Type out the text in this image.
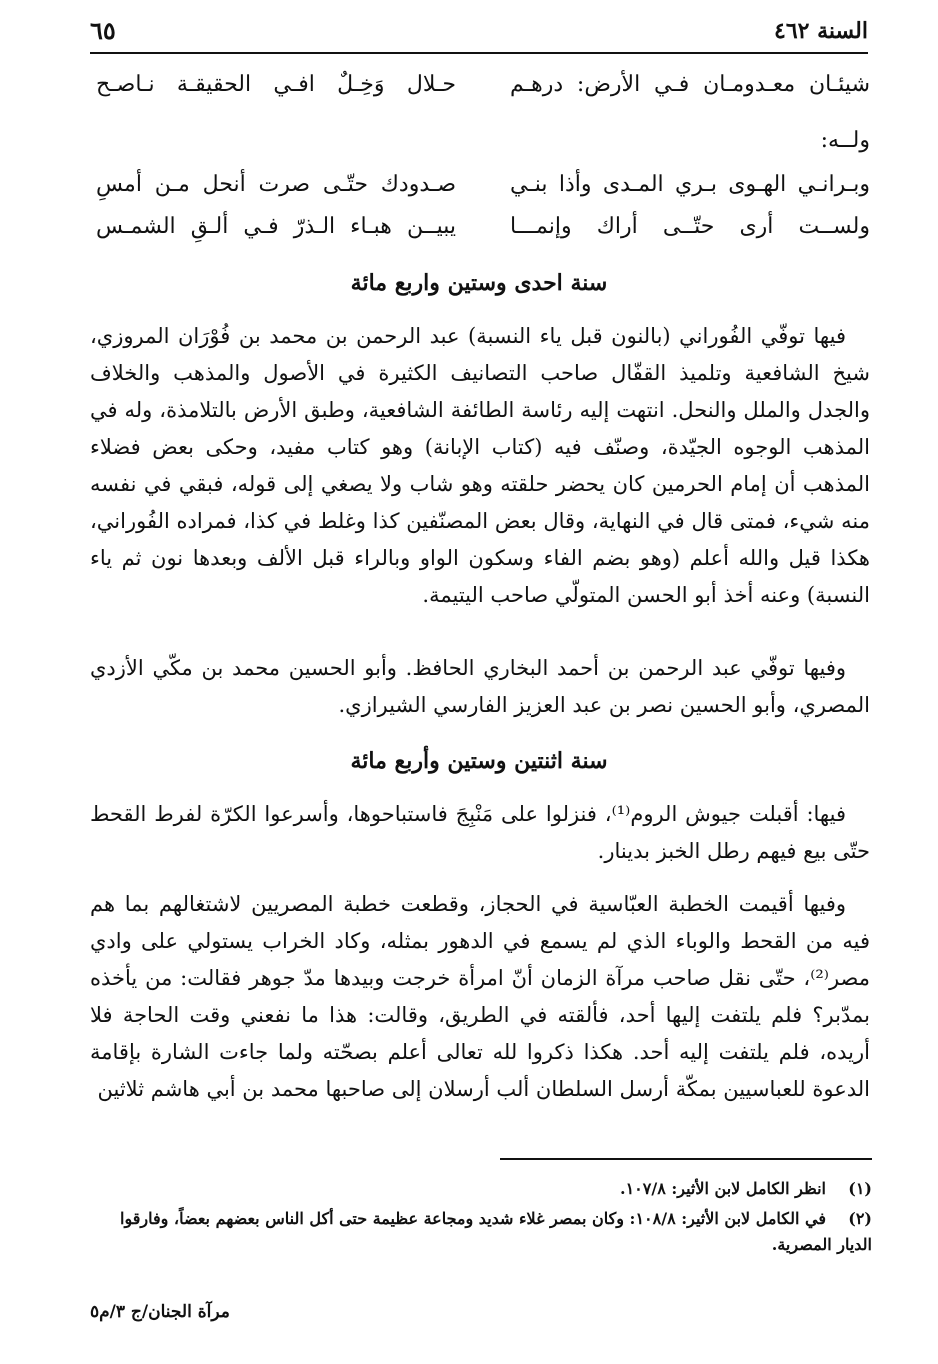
السنة ٤٦٢
٦٥
شيئـان معـدومـان فـي الأرض: درهـم
حـلال وَخِـلٌ افـي الحقيقـة نـاصـح
ولــه:
وبـرانـي الهـوى بـري المـدى وأذا بنـي
صـدودك حتّـى صرت أنحل مـن أمسِ
ولســت أرى حتّــى أراك وإنمـــا
يبيــن هبـاء الـذرّ فـي ألـقِ الشمـس
سنة احدى وستين واربع مائة
فيها توفّي الفُوراني (بالنون قبل ياء النسبة) عبد الرحمن بن محمد بن فُوْرَان المروزي، شيخ الشافعية وتلميذ القفّال صاحب التصانيف الكثيرة في الأصول والمذهب والخلاف والجدل والملل والنحل. انتهت إليه رئاسة الطائفة الشافعية، وطبق الأرض بالتلامذة، وله في المذهب الوجوه الجيّدة، وصنّف فيه (كتاب الإبانة) وهو كتاب مفيد، وحكى بعض فضلاء المذهب أن إمام الحرمين كان يحضر حلقته وهو شاب ولا يصغي إلى قوله، فبقي في نفسه منه شيء، فمتى قال في النهاية، وقال بعض المصنّفين كذا وغلط في كذا، فمراده الفُوراني، هكذا قيل والله أعلم (وهو بضم الفاء وسكون الواو وبالراء قبل الألف وبعدها نون ثم ياء النسبة) وعنه أخذ أبو الحسن المتولّي صاحب اليتيمة.
وفيها توفّي عبد الرحمن بن أحمد البخاري الحافظ. وأبو الحسين محمد بن مكّي الأزدي المصري، وأبو الحسين نصر بن عبد العزيز الفارسي الشيرازي.
سنة اثنتين وستين وأربع مائة
فيها: أقبلت جيوش الروم⁽¹⁾، فنزلوا على مَنْبِجَ فاستباحوها، وأسرعوا الكرّة لفرط القحط حتّى بيع فيهم رطل الخبز بدينار.
وفيها أقيمت الخطبة العبّاسية في الحجاز، وقطعت خطبة المصريين لاشتغالهم بما هم فيه من القحط والوباء الذي لم يسمع في الدهور بمثله، وكاد الخراب يستولي على وادي مصر⁽²⁾، حتّى نقل صاحب مرآة الزمان أنّ امرأة خرجت وبيدها مدّ جوهر فقالت: من يأخذه بمدّبر؟ فلم يلتفت إليها أحد، فألقته في الطريق، وقالت: هذا ما نفعني وقت الحاجة فلا أريده، فلم يلتفت إليه أحد. هكذا ذكروا لله تعالى أعلم بصحّته ولما جاءت الشارة بإقامة الدعوة للعباسيين بمكّة أرسل السلطان ألب أرسلان إلى صاحبها محمد بن أبي هاشم ثلاثين
(١)انظر الكامل لابن الأثير: ١٠٧/٨.
(٢)في الكامل لابن الأثير: ١٠٨/٨: وكان بمصر غلاء شديد ومجاعة عظيمة حتى أكل الناس بعضهم بعضاً، وفارقوا الديار المصرية.
مرآة الجنان/ج ٣/م٥
